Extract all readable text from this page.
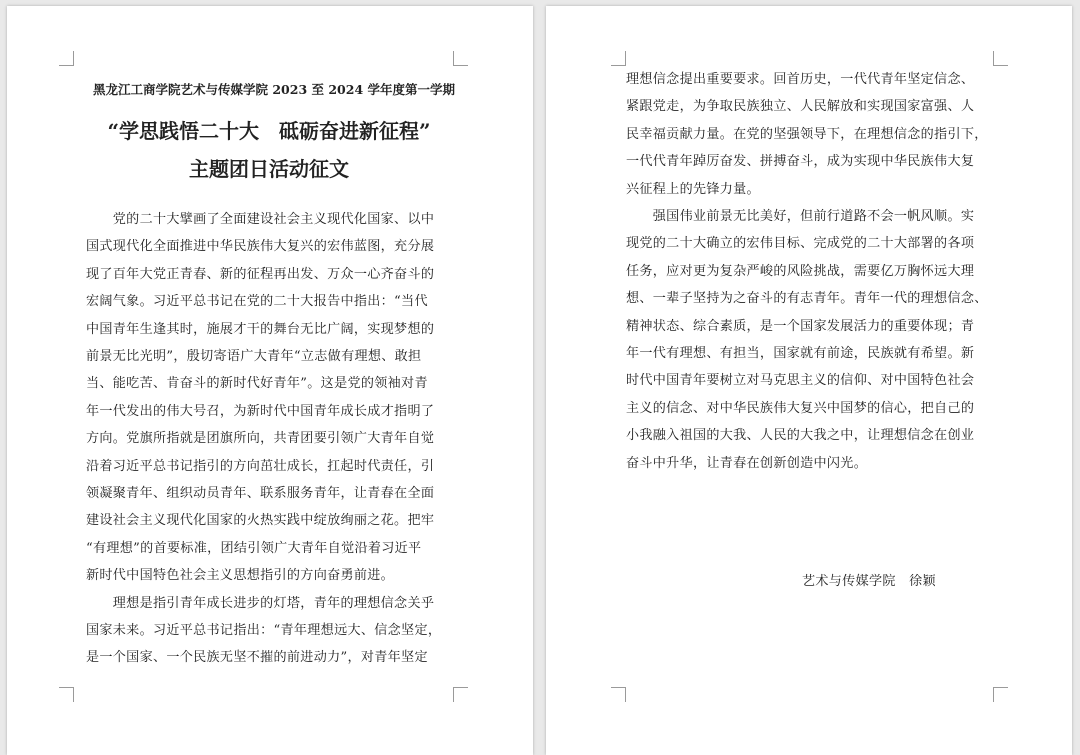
黑龙江工商学院艺术与传媒学院 2023 至 2024 学年度第一学期
“学思践悟二十大　砥砺奋进新征程”
主题团日活动征文
　　党的二十大擘画了全面建设社会主义现代化国家、以中
国式现代化全面推进中华民族伟大复兴的宏伟蓝图，充分展
现了百年大党正青春、新的征程再出发、万众一心齐奋斗的
宏阔气象。习近平总书记在党的二十大报告中指出：“当代
中国青年生逢其时，施展才干的舞台无比广阔，实现梦想的
前景无比光明”，殷切寄语广大青年“立志做有理想、敢担
当、能吃苦、肯奋斗的新时代好青年”。这是党的领袖对青
年一代发出的伟大号召，为新时代中国青年成长成才指明了
方向。党旗所指就是团旗所向，共青团要引领广大青年自觉
沿着习近平总书记指引的方向茁壮成长，扛起时代责任，引
领凝聚青年、组织动员青年、联系服务青年，让青春在全面
建设社会主义现代化国家的火热实践中绽放绚丽之花。把牢
“有理想”的首要标准，团结引领广大青年自觉沿着习近平
新时代中国特色社会主义思想指引的方向奋勇前进。
　　理想是指引青年成长进步的灯塔，青年的理想信念关乎
国家未来。习近平总书记指出：“青年理想远大、信念坚定，
是一个国家、一个民族无坚不摧的前进动力”，对青年坚定
理想信念提出重要要求。回首历史，一代代青年坚定信念、
紧跟党走，为争取民族独立、人民解放和实现国家富强、人
民幸福贡献力量。在党的坚强领导下，在理想信念的指引下，
一代代青年踔厉奋发、拼搏奋斗，成为实现中华民族伟大复
兴征程上的先锋力量。
　　强国伟业前景无比美好，但前行道路不会一帆风顺。实
现党的二十大确立的宏伟目标、完成党的二十大部署的各项
任务，应对更为复杂严峻的风险挑战，需要亿万胸怀远大理
想、一辈子坚持为之奋斗的有志青年。青年一代的理想信念、
精神状态、综合素质，是一个国家发展活力的重要体现；青
年一代有理想、有担当，国家就有前途，民族就有希望。新
时代中国青年要树立对马克思主义的信仰、对中国特色社会
主义的信念、对中华民族伟大复兴中国梦的信心，把自己的
小我融入祖国的大我、人民的大我之中，让理想信念在创业
奋斗中升华，让青春在创新创造中闪光。
艺术与传媒学院　徐颖
